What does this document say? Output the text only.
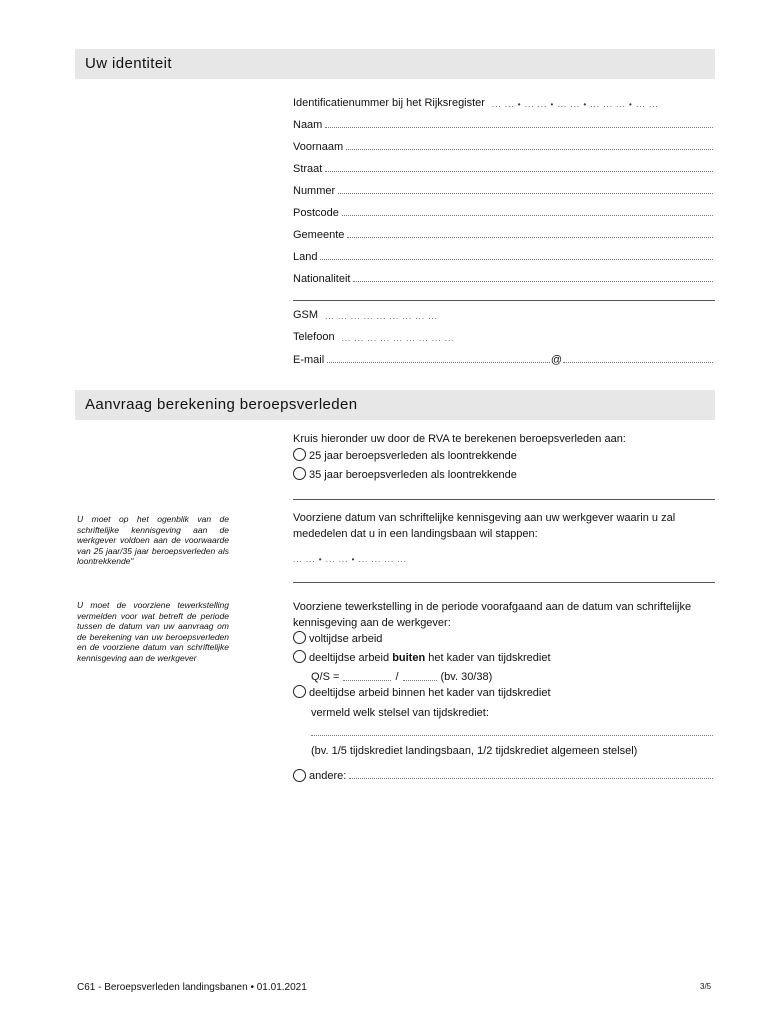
Uw identiteit
Identificatienummer bij het Rijksregister ... ... • ... ... • ... ... • ... ... ... • ... ...
Naam
Voornaam
Straat
Nummer
Postcode
Gemeente
Land
Nationaliteit
GSM ... ... ... ... ... ... ... ... ...
Telefoon ... ... ... ... ... ... ... ... ...
E-mail	@
Aanvraag berekening beroepsverleden
Kruis hieronder uw door de RVA te berekenen beroepsverleden aan:
25 jaar beroepsverleden als loontrekkende
35 jaar beroepsverleden als loontrekkende
U moet op het ogenblik van de schriftelijke kennisgeving aan de werkgever voldoen aan de voorwaarde van 25 jaar/35 jaar beroepsverleden als loontrekkende"
Voorziene datum van schriftelijke kennisgeving aan uw werkgever waarin u zal mededelen dat u in een landingsbaan wil stappen:
... ... • ... ... • ... ... ... ...
U moet de voorziene tewerkstelling vermelden voor wat betreft de periode tussen de datum van uw aanvraag om de berekening van uw beroepsverleden en de voorziene datum van schriftelijke kennisgeving aan de werkgever
Voorziene tewerkstelling in de periode voorafgaand aan de datum van schriftelijke kennisgeving aan de werkgever:
voltijdse arbeid
deeltijdse arbeid buiten het kader van tijdskrediet
Q/S =	/	(bv. 30/38)
deeltijdse arbeid binnen het kader van tijdskrediet
vermeld welk stelsel van tijdskrediet:
(bv. 1/5 tijdskrediet landingsbaan, 1/2 tijdskrediet algemeen stelsel)
andere:
C61 - Beroepsverleden landingsbanen • 01.01.2021	3/5
